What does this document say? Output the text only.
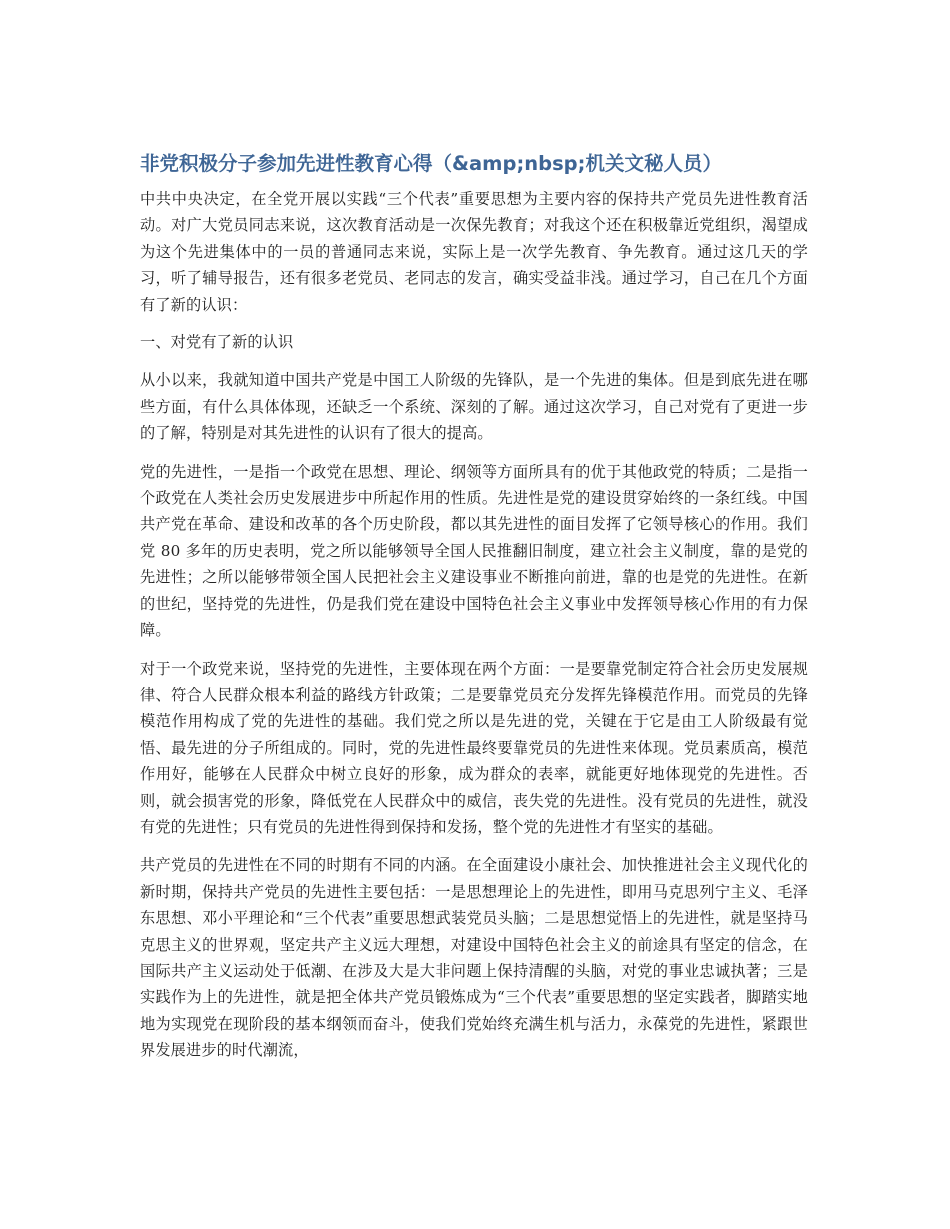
非党积极分子参加先进性教育心得（&amp;nbsp;机关文秘人员）

中共中央决定，在全党开展以实践“三个代表”重要思想为主要内容的保持共产党员先进性教育活动。对广大党员同志来说，这次教育活动是一次保先教育；对我这个还在积极靠近党组织，渴望成为这个先进集体中的一员的普通同志来说，实际上是一次学先教育、争先教育。通过这几天的学习，听了辅导报告，还有很多老党员、老同志的发言，确实受益非浅。通过学习，自己在几个方面有了新的认识：

一、对党有了新的认识

从小以来，我就知道中国共产党是中国工人阶级的先锋队，是一个先进的集体。但是到底先进在哪些方面，有什么具体体现，还缺乏一个系统、深刻的了解。通过这次学习，自己对党有了更进一步的了解，特别是对其先进性的认识有了很大的提高。

党的先进性，一是指一个政党在思想、理论、纲领等方面所具有的优于其他政党的特质；二是指一个政党在人类社会历史发展进步中所起作用的性质。先进性是党的建设贯穿始终的一条红线。中国共产党在革命、建设和改革的各个历史阶段，都以其先进性的面目发挥了它领导核心的作用。我们党 80 多年的历史表明，党之所以能够领导全国人民推翻旧制度，建立社会主义制度，靠的是党的先进性；之所以能够带领全国人民把社会主义建设事业不断推向前进，靠的也是党的先进性。在新的世纪，坚持党的先进性，仍是我们党在建设中国特色社会主义事业中发挥领导核心作用的有力保障。

对于一个政党来说，坚持党的先进性，主要体现在两个方面：一是要靠党制定符合社会历史发展规律、符合人民群众根本利益的路线方针政策；二是要靠党员充分发挥先锋模范作用。而党员的先锋模范作用构成了党的先进性的基础。我们党之所以是先进的党，关键在于它是由工人阶级最有觉悟、最先进的分子所组成的。同时，党的先进性最终要靠党员的先进性来体现。党员素质高，模范作用好，能够在人民群众中树立良好的形象，成为群众的表率，就能更好地体现党的先进性。否则，就会损害党的形象，降低党在人民群众中的威信，丧失党的先进性。没有党员的先进性，就没有党的先进性；只有党员的先进性得到保持和发扬，整个党的先进性才有坚实的基础。

共产党员的先进性在不同的时期有不同的内涵。在全面建设小康社会、加快推进社会主义现代化的新时期，保持共产党员的先进性主要包括：一是思想理论上的先进性，即用马克思列宁主义、毛泽东思想、邓小平理论和“三个代表”重要思想武装党员头脑；二是思想觉悟上的先进性，就是坚持马克思主义的世界观，坚定共产主义远大理想，对建设中国特色社会主义的前途具有坚定的信念，在国际共产主义运动处于低潮、在涉及大是大非问题上保持清醒的头脑，对党的事业忠诚执著；三是实践作为上的先进性，就是把全体共产党员锻炼成为“三个代表”重要思想的坚定实践者，脚踏实地地为实现党在现阶段的基本纲领而奋斗，使我们党始终充满生机与活力，永葆党的先进性，紧跟世界发展进步的时代潮流，
